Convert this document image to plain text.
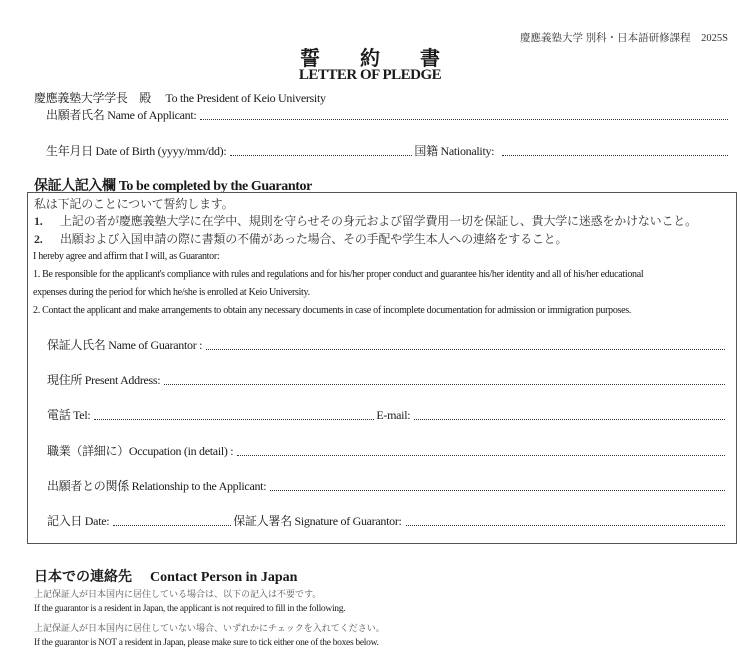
慶應義塾大学 別科・日本語研修課程　2025S
誓 約 書
LETTER OF PLEDGE
慶應義塾大学学長　殿　 To the President of Keio University
出願者氏名 Name of Applicant:
生年月日 Date of Birth (yyyy/mm/dd):	国籍 Nationality:
保証人記入欄 To be completed by the Guarantor
私は下記のことについて誓約します。
1. 上記の者が慶應義塾大学に在学中、規則を守らせその身元および留学費用一切を保証し、貴大学に迷惑をかけないこと。
2. 出願および入国申請の際に書類の不備があった場合、その手配や学生本人への連絡をすること。
I hereby agree and affirm that I will, as Guarantor:
1. Be responsible for the applicant's compliance with rules and regulations and for his/her proper conduct and guarantee his/her identity and all of his/her educational
expenses during the period for which he/she is enrolled at Keio University.
2. Contact the applicant and make arrangements to obtain any necessary documents in case of incomplete documentation for admission or immigration purposes.
保証人氏名 Name of Guarantor :
現住所 Present Address:
電話 Tel:	E-mail:
職業（詳細に）Occupation (in detail) :
出願者との関係 Relationship to the Applicant:
記入日 Date:	保証人署名 Signature of Guarantor:
日本での連絡先 Contact Person in Japan
上記保証人が日本国内に居住している場合は、以下の記入は不要です。
If the guarantor is a resident in Japan, the applicant is not required to fill in the following.
上記保証人が日本国内に居住していない場合、いずれかにチェックを入れてください。
If the guarantor is NOT a resident in Japan, please make sure to tick either one of the boxes below.
